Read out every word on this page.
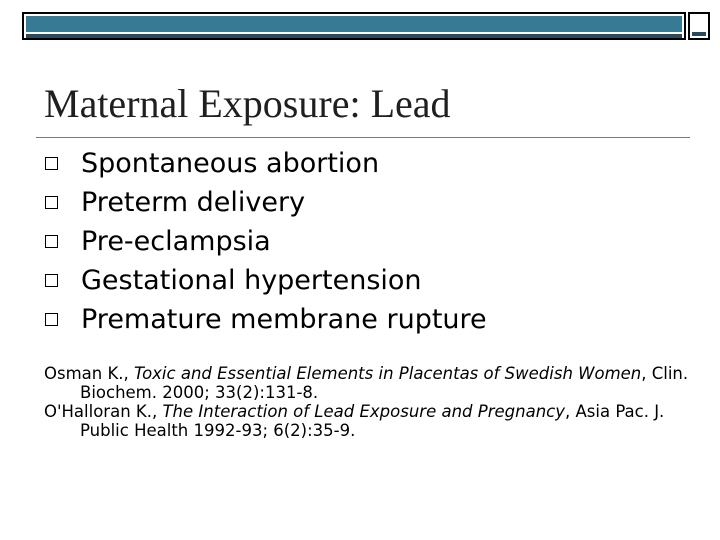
Maternal Exposure: Lead
Spontaneous abortion
Preterm delivery
Pre-eclampsia
Gestational hypertension
Premature membrane rupture

Osman K., Toxic and Essential Elements in Placentas of Swedish Women, Clin. Biochem. 2000; 33(2):131-8.

O'Halloran K., The Interaction of Lead Exposure and Pregnancy, Asia Pac. J. Public Health 1992-93; 6(2):35-9.
